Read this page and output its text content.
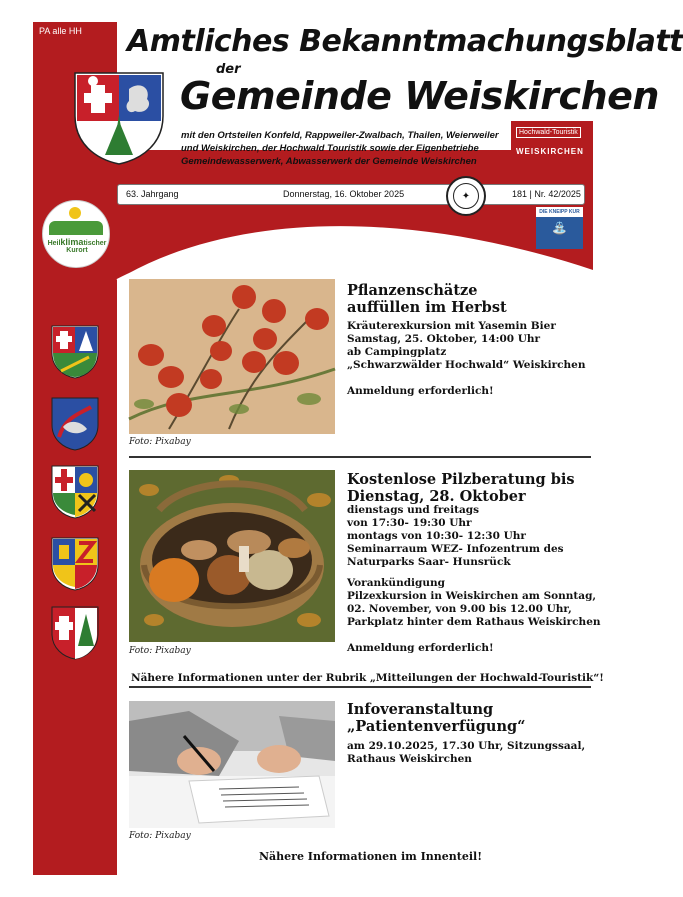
PA alle HH Amtliches Bekanntmachungsblatt
der
Gemeinde Weiskirchen
mit den Ortsteilen Konfeld, Rappweiler-Zwalbach, Thailen, Weierweiler und Weiskirchen, der Hochwald Touristik sowie der Eigenbetriebe Gemeindewasserwerk, Abwasserwerk der Gemeinde Weiskirchen
Hochwald-Touristik
WEISKIRCHEN
63. Jahrgang	Donnerstag, 16. Oktober 2025	181 | Nr. 42/2025
✦
DIE KNEIPP KUR
⛲
Heilklimatischer
Kurort
Foto: Pixabay
Pflanzenschätze
auffüllen im Herbst
Kräuterexkursion mit Yasemin Bier
Samstag, 25. Oktober, 14:00 Uhr
ab Campingplatz
„Schwarzwälder Hochwald“ Weiskirchen
Anmeldung erforderlich!
Foto: Pixabay
Kostenlose Pilzberatung bis
Dienstag, 28. Oktober
dienstags und freitags
von 17:30- 19:30 Uhr
montags von 10:30- 12:30 Uhr
Seminarraum WEZ- Infozentrum des
Naturparks Saar- Hunsrück
Vorankündigung
Pilzexkursion in Weiskirchen am Sonntag,
02. November, von 9.00 bis 12.00 Uhr,
Parkplatz hinter dem Rathaus Weiskirchen
Anmeldung erforderlich!
Nähere Informationen unter der Rubrik „Mitteilungen der Hochwald-Touristik“!
Foto: Pixabay
Infoveranstaltung
„Patientenverfügung“
am 29.10.2025, 17.30 Uhr, Sitzungssaal,
Rathaus Weiskirchen
Nähere Informationen im Innenteil!
